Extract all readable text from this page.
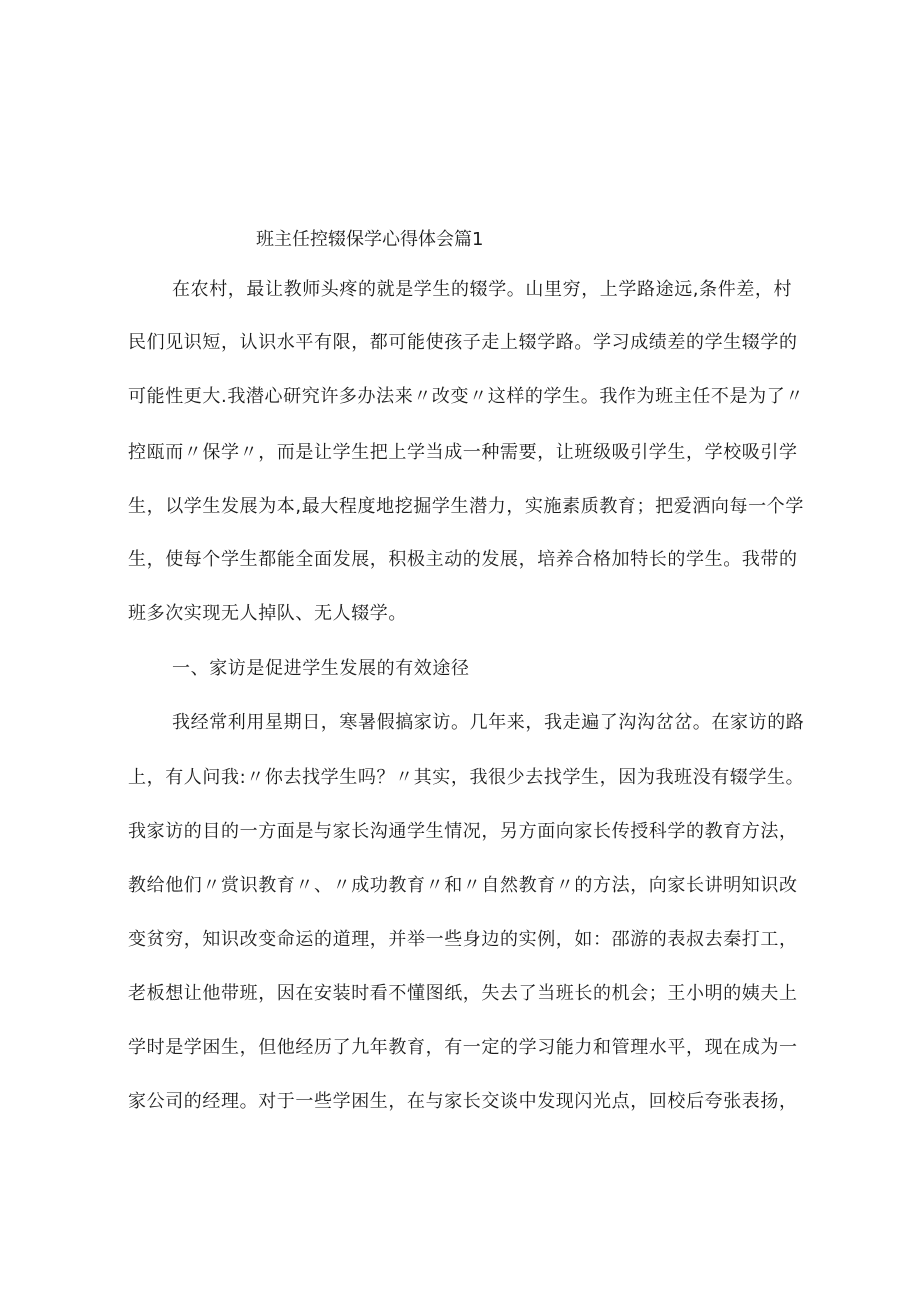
班主任控辍保学心得体会篇1
在农村，最让教师头疼的就是学生的辍学。山里穷，上学路途远,条件差，村
民们见识短，认识水平有限，都可能使孩子走上辍学路。学习成绩差的学生辍学的
可能性更大.我潜心研究许多办法来〃改变〃这样的学生。我作为班主任不是为了〃
控瓯而〃保学〃，而是让学生把上学当成一种需要，让班级吸引学生，学校吸引学
生，以学生发展为本,最大程度地挖掘学生潜力，实施素质教育；把爱洒向每一个学
生，使每个学生都能全面发展，积极主动的发展，培养合格加特长的学生。我带的
班多次实现无人掉队、无人辍学。
一、家访是促进学生发展的有效途径
我经常利用星期日，寒暑假搞家访。几年来，我走遍了沟沟岔岔。在家访的路
上，有人问我:〃你去找学生吗？〃其实，我很少去找学生，因为我班没有辍学生。
我家访的目的一方面是与家长沟通学生情况，另方面向家长传授科学的教育方法，
教给他们〃赏识教育〃、〃成功教育〃和〃自然教育〃的方法，向家长讲明知识改
变贫穷，知识改变命运的道理，并举一些身边的实例，如：邵游的表叔去秦打工，
老板想让他带班，因在安装时看不懂图纸，失去了当班长的机会；王小明的姨夫上
学时是学困生，但他经历了九年教育，有一定的学习能力和管理水平，现在成为一
家公司的经理。对于一些学困生，在与家长交谈中发现闪光点，回校后夸张表扬，
